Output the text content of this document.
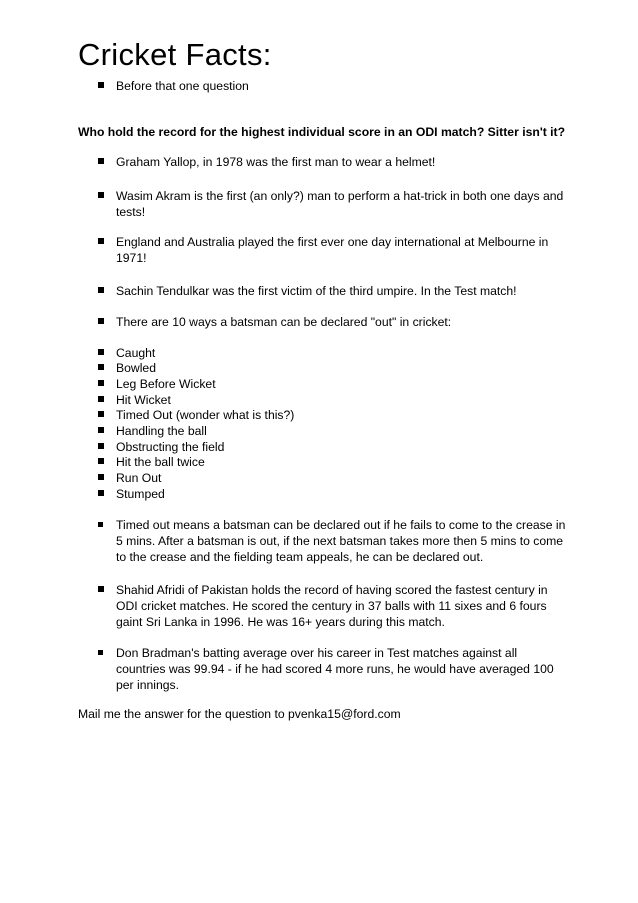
Cricket Facts:
Before that one question
Who hold the record for the highest individual score in an ODI match? Sitter isn't it?
Graham Yallop, in 1978 was the first man to wear a helmet!
Wasim Akram is the first (an only?) man to perform a hat-trick in both one days and tests!
England and Australia played the first ever one day international at Melbourne in 1971!
Sachin Tendulkar was the first victim of the third umpire. In the Test match!
There are 10 ways a batsman can be declared "out" in cricket:
Caught
Bowled
Leg Before Wicket
Hit Wicket
Timed Out (wonder what is this?)
Handling the ball
Obstructing the field
Hit the ball twice
Run Out
Stumped
Timed out means a batsman can be declared out if he fails to come to the crease in 5 mins. After a batsman is out, if the next batsman takes more then 5 mins to come to the crease and the fielding team appeals, he can be declared out.
Shahid Afridi of Pakistan holds the record of having scored the fastest century in ODI cricket matches. He scored the century in 37 balls with 11 sixes and 6 fours gaint Sri Lanka in 1996. He was 16+ years during this match.
Don Bradman's batting average over his career in Test matches against all countries was 99.94 - if he had scored 4 more runs, he would have averaged 100 per innings.
Mail me the answer for the question to pvenka15@ford.com
